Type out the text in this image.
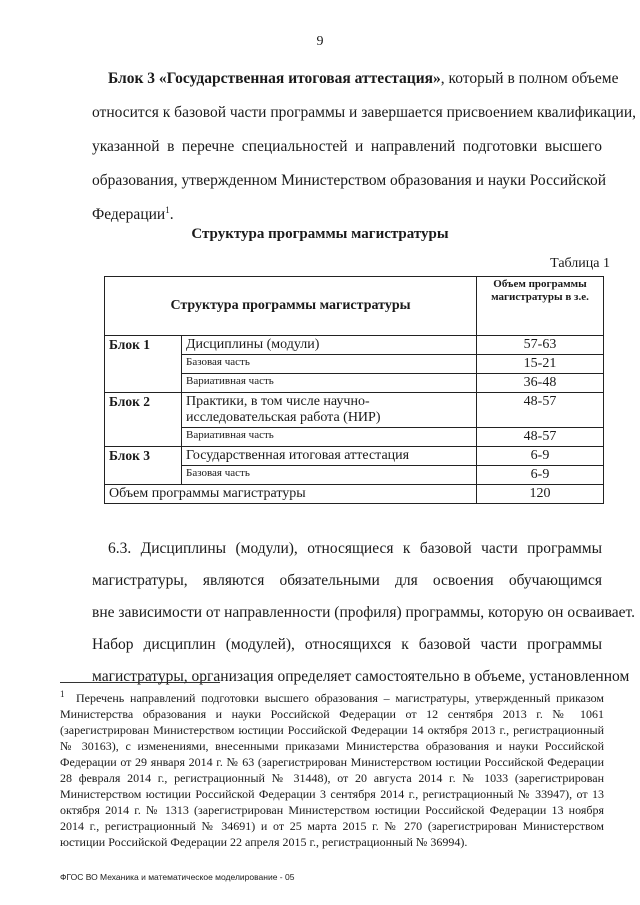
9
Блок 3 «Государственная итоговая аттестация», который в полном объеме
относится к базовой части программы и завершается присвоением квалификации,
указанной в перечне специальностей и направлений подготовки высшего
образования, утвержденном Министерством образования и науки Российской
Федерации$^1$.
Структура программы магистратуры
Таблица 1
Структура программы магистратуры		Объем программы магистратуры в з.е.
Блок 1	Дисциплины (модули)	57-63
	Базовая часть	15-21
	Вариативная часть	36-48
Блок 2	Практики, в том числе научно-исследовательская работа (НИР)	48-57
	Вариативная часть	48-57
Блок 3	Государственная итоговая аттестация	6-9
	Базовая часть	6-9
Объем программы магистратуры		120
6.3. Дисциплины (модули), относящиеся к базовой части программы
магистратуры, являются обязательными для освоения обучающимся
вне зависимости от направленности (профиля) программы, которую он осваивает.
Набор дисциплин (модулей), относящихся к базовой части программы
магистратуры, организация определяет самостоятельно в объеме, установленном
$^1$ Перечень направлений подготовки высшего образования – магистратуры, утвержденный приказом Министерства образования и науки Российской Федерации от 12 сентября 2013 г. № 1061 (зарегистрирован Министерством юстиции Российской Федерации 14 октября 2013 г., регистрационный № 30163), с изменениями, внесенными приказами Министерства образования и науки Российской Федерации от 29 января 2014 г. № 63 (зарегистрирован Министерством юстиции Российской Федерации 28 февраля 2014 г., регистрационный № 31448), от 20 августа 2014 г. № 1033 (зарегистрирован Министерством юстиции Российской Федерации 3 сентября 2014 г., регистрационный № 33947), от 13 октября 2014 г. № 1313 (зарегистрирован Министерством юстиции Российской Федерации 13 ноября 2014 г., регистрационный № 34691) и от 25 марта 2015 г. № 270 (зарегистрирован Министерством юстиции Российской Федерации 22 апреля 2015 г., регистрационный № 36994).
ФГОС ВО Механика и математическое моделирование - 05
